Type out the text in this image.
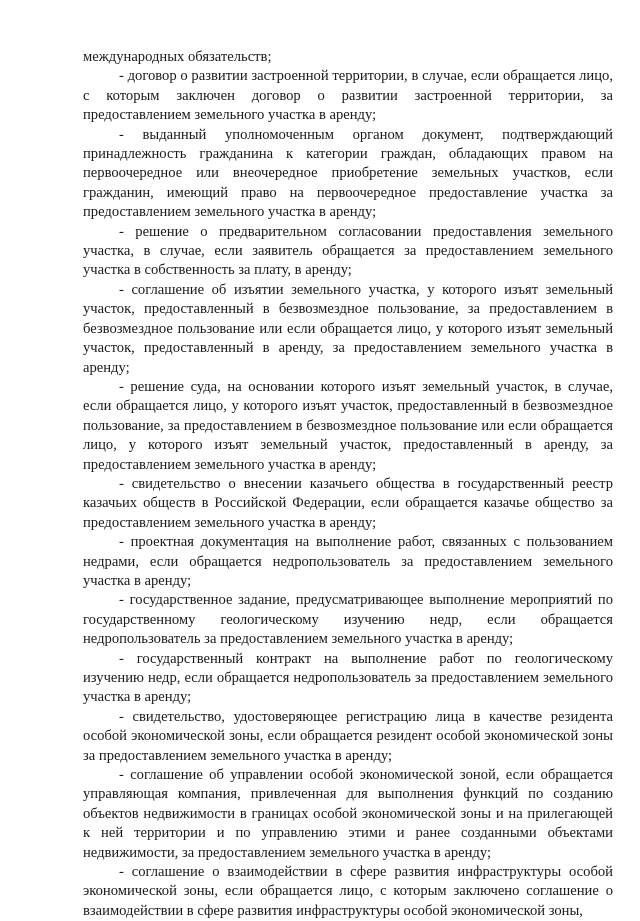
международных обязательств;

- договор о развитии застроенной территории, в случае, если обращается лицо, с которым заключен договор о развитии застроенной территории, за предоставлением земельного участка в аренду;

- выданный уполномоченным органом документ, подтверждающий принадлежность гражданина к категории граждан, обладающих правом на первоочередное или внеочередное приобретение земельных участков, если гражданин, имеющий право на первоочередное предоставление участка за предоставлением земельного участка в аренду;

- решение о предварительном согласовании предоставления земельного участка, в случае, если заявитель обращается за предоставлением земельного участка в собственность за плату, в аренду;

- соглашение об изъятии земельного участка, у которого изъят земельный участок, предоставленный в безвозмездное пользование, за предоставлением в безвозмездное пользование или если обращается лицо, у которого изъят земельный участок, предоставленный в аренду, за предоставлением земельного участка в аренду;

- решение суда, на основании которого изъят земельный участок, в случае, если обращается лицо, у которого изъят участок, предоставленный в безвозмездное пользование, за предоставлением в безвозмездное пользование или если обращается лицо, у которого изъят земельный участок, предоставленный в аренду, за предоставлением земельного участка в аренду;

- свидетельство о внесении казачьего общества в государственный реестр казачьих обществ в Российской Федерации, если обращается казачье общество за предоставлением земельного участка в аренду;

- проектная документация на выполнение работ, связанных с пользованием недрами, если обращается недропользователь за предоставлением земельного участка в аренду;

- государственное задание, предусматривающее выполнение мероприятий по государственному геологическому изучению недр, если обращается недропользователь за предоставлением земельного участка в аренду;

- государственный контракт на выполнение работ по геологическому изучению недр, если обращается недропользователь за предоставлением земельного участка в аренду;

- свидетельство, удостоверяющее регистрацию лица в качестве резидента особой экономической зоны, если обращается резидент особой экономической зоны за предоставлением земельного участка в аренду;

- соглашение об управлении особой экономической зоной, если обращается управляющая компания, привлеченная для выполнения функций по созданию объектов недвижимости в границах особой экономической зоны и на прилегающей к ней территории и по управлению этими и ранее созданными объектами недвижимости, за предоставлением земельного участка в аренду;

- соглашение о взаимодействии в сфере развития инфраструктуры особой экономической зоны, если обращается лицо, с которым заключено соглашение о взаимодействии в сфере развития инфраструктуры особой экономической зоны,
